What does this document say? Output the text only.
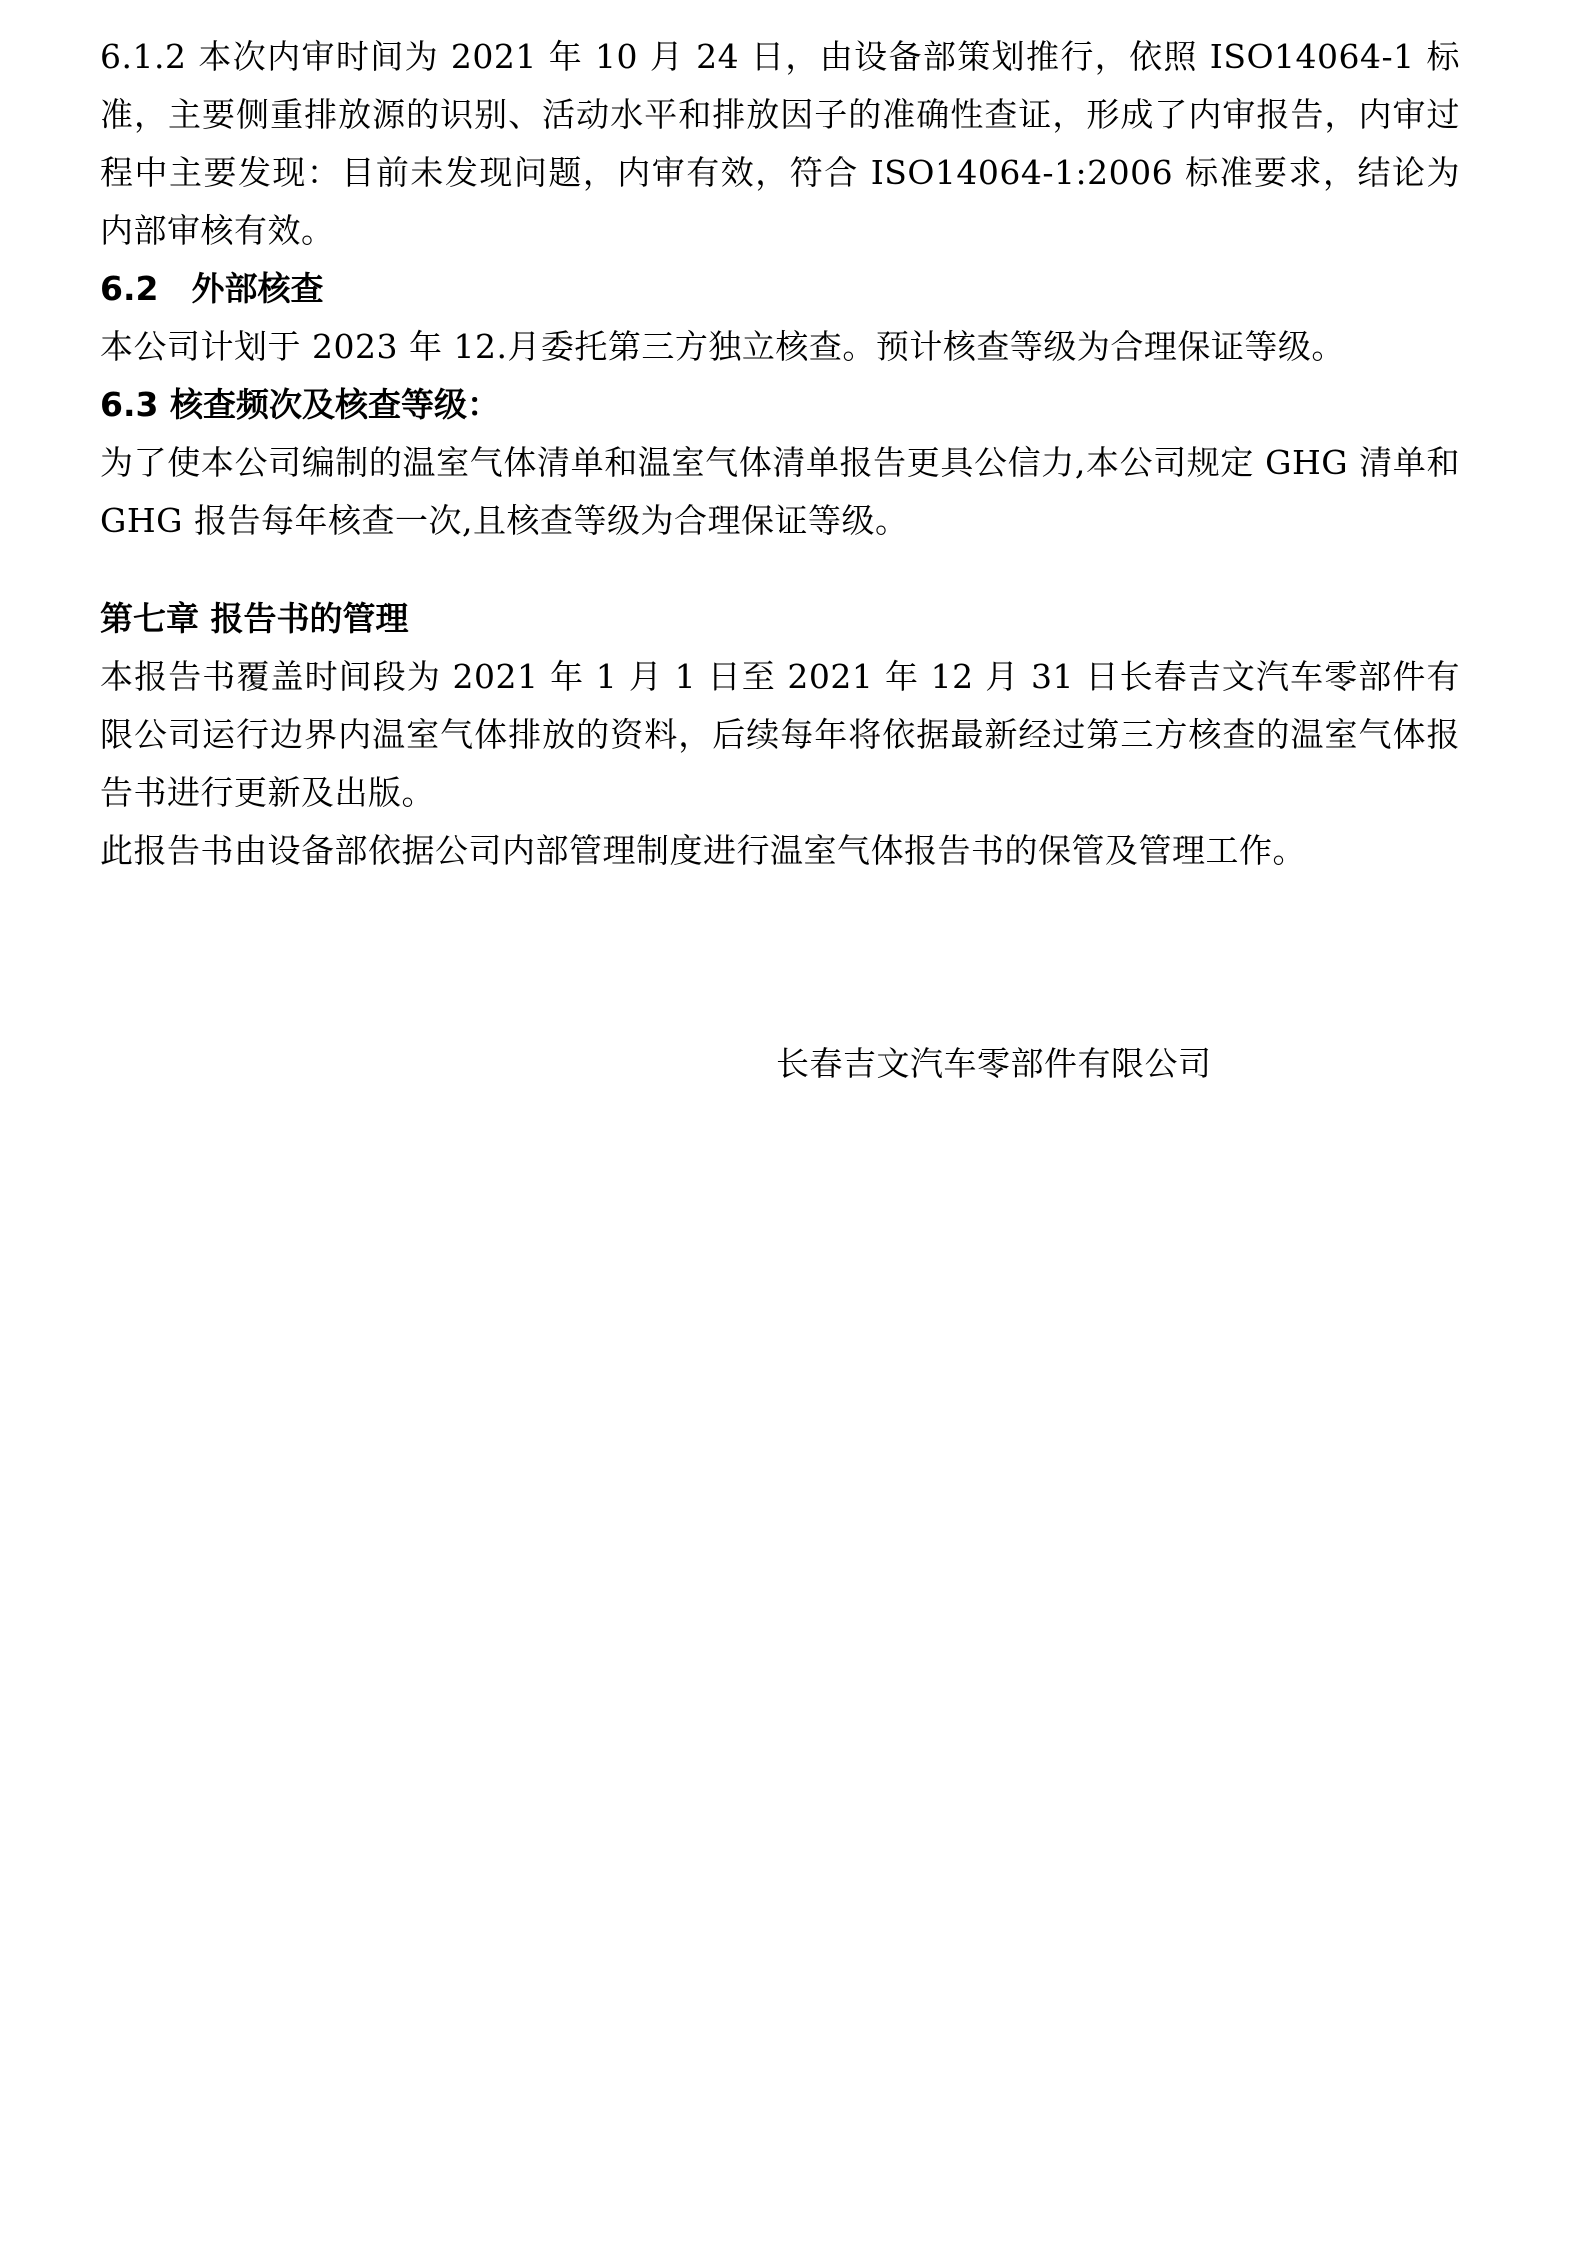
6.1.2 本次内审时间为 2021 年 10 月 24 日，由设备部策划推行，依照 ISO14064-1 标准，主要侧重排放源的识别、活动水平和排放因子的准确性查证，形成了内审报告，内审过程中主要发现：目前未发现问题，内审有效，符合 ISO14064-1:2006 标准要求，结论为内部审核有效。

6.2　外部核查

本公司计划于 2023 年 12.月委托第三方独立核查。预计核查等级为合理保证等级。

6.3 核查频次及核查等级：

为了使本公司编制的温室气体清单和温室气体清单报告更具公信力,本公司规定 GHG 清单和 GHG 报告每年核查一次,且核查等级为合理保证等级。

第七章 报告书的管理

本报告书覆盖时间段为 2021 年 1 月 1 日至 2021 年 12 月 31 日长春吉文汽车零部件有限公司运行边界内温室气体排放的资料，后续每年将依据最新经过第三方核查的温室气体报告书进行更新及出版。

此报告书由设备部依据公司内部管理制度进行温室气体报告书的保管及管理工作。

长春吉文汽车零部件有限公司
